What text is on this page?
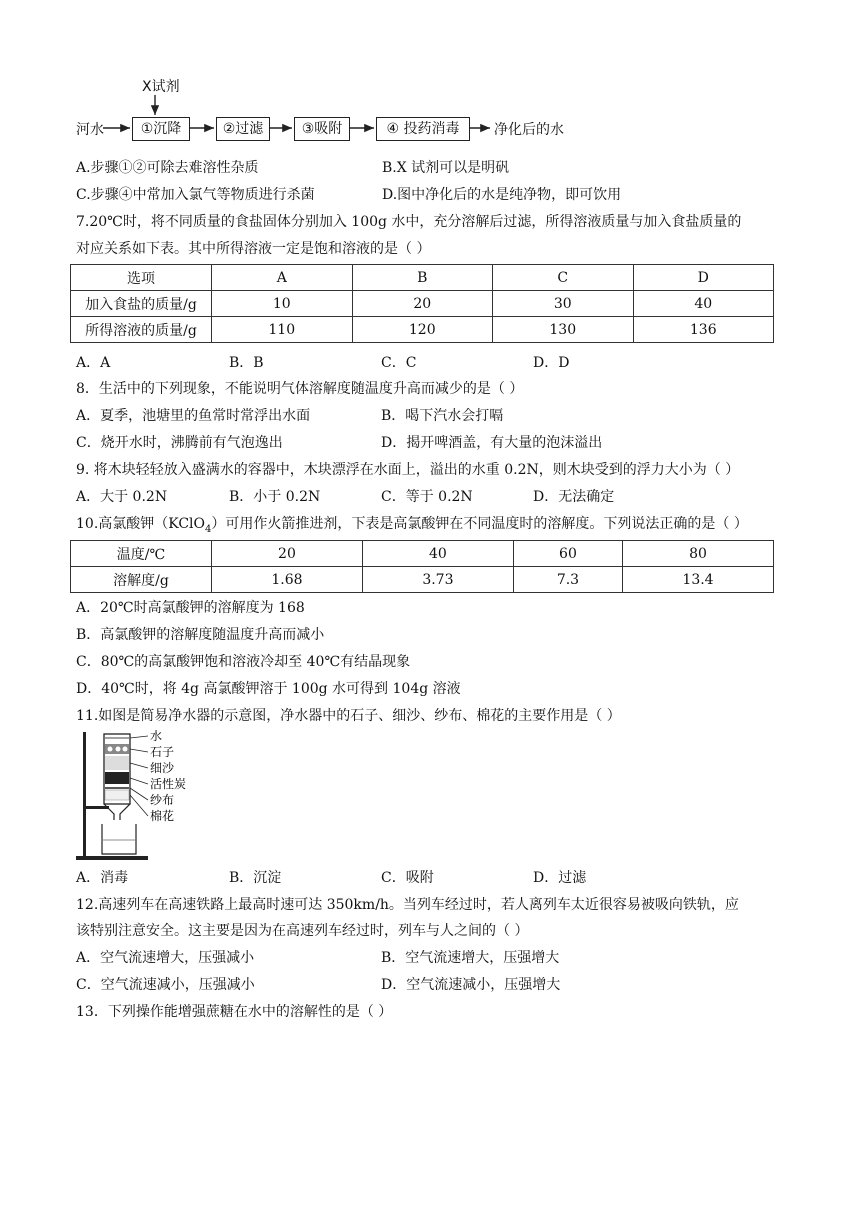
X试剂
河水	①沉降	②过滤	③吸附	④ 投药消毒	净化后的水
A.步骤①②可除去难溶性杂质	B.X 试剂可以是明矾
C.步骤④中常加入氯气等物质进行杀菌	D.图中净化后的水是纯净物，即可饮用
7.20℃时，将不同质量的食盐固体分别加入 100g 水中，充分溶解后过滤，所得溶液质量与加入食盐质量的
对应关系如下表。其中所得溶液一定是饱和溶液的是（ ）
选项	A	B	C	D
加入食盐的质量/g	10	20	30	40
所得溶液的质量/g	110	120	130	136
A．A	B．B	C．C	D．D
8．生活中的下列现象，不能说明气体溶解度随温度升高而减少的是（ ）
A．夏季，池塘里的鱼常时常浮出水面	B．喝下汽水会打嗝
C．烧开水时，沸腾前有气泡逸出	D．揭开啤酒盖，有大量的泡沫溢出
9. 将木块轻轻放入盛满水的容器中，木块漂浮在水面上，溢出的水重 0.2N，则木块受到的浮力大小为（ ）
A．大于 0.2N	B．小于 0.2N	C．等于 0.2N	D．无法确定
10.高氯酸钾（KClO$_4$）可用作火箭推进剂，下表是高氯酸钾在不同温度时的溶解度。下列说法正确的是（ ）
温度/℃	20	40	60	80
溶解度/g	1.68	3.73	7.3	13.4
A．20℃时高氯酸钾的溶解度为 168
B．高氯酸钾的溶解度随温度升高而减小
C．80℃的高氯酸钾饱和溶液冷却至 40℃有结晶现象
D．40℃时，将 4g 高氯酸钾溶于 100g 水可得到 104g 溶液
11.如图是简易净水器的示意图，净水器中的石子、细沙、纱布、棉花的主要作用是（ ）
水
石子
细沙
活性炭
纱布
棉花
A．消毒	B．沉淀	C．吸附	D．过滤
12.高速列车在高速铁路上最高时速可达 350km/h。当列车经过时，若人离列车太近很容易被吸向铁轨，应
该特别注意安全。这主要是因为在高速列车经过时，列车与人之间的（ ）
A．空气流速增大，压强减小	B．空气流速增大，压强增大
C．空气流速减小，压强减小	D．空气流速减小，压强增大
13．下列操作能增强蔗糖在水中的溶解性的是（ ）
